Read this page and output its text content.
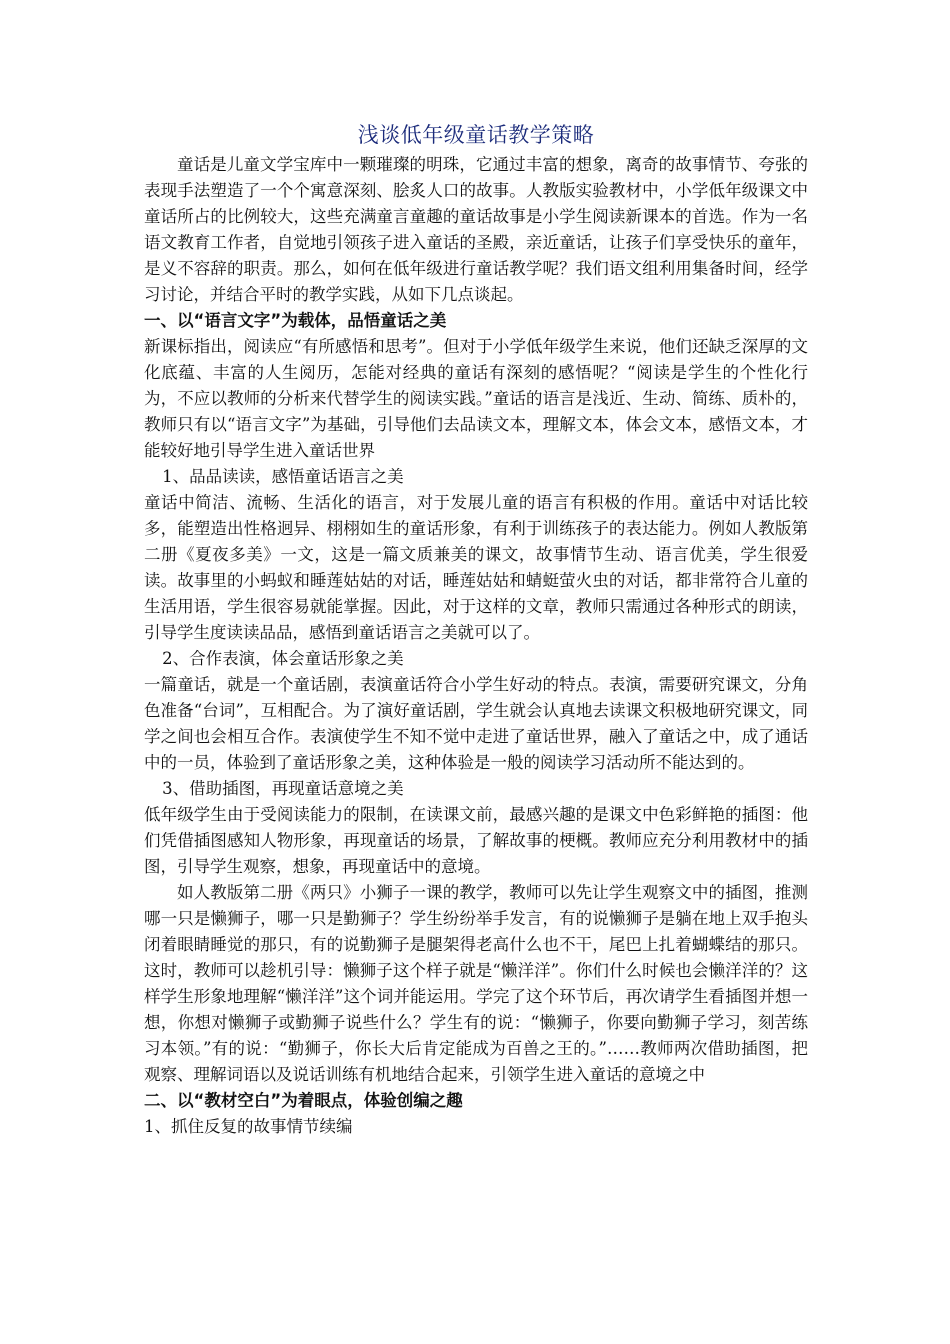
浅谈低年级童话教学策略

童话是儿童文学宝库中一颗璀璨的明珠，它通过丰富的想象，离奇的故事情节、夸张的表现手法塑造了一个个寓意深刻、脍炙人口的故事。人教版实验教材中，小学低年级课文中童话所占的比例较大，这些充满童言童趣的童话故事是小学生阅读新课本的首选。作为一名语文教育工作者，自觉地引领孩子进入童话的圣殿，亲近童话，让孩子们享受快乐的童年，是义不容辞的职责。那么，如何在低年级进行童话教学呢？我们语文组利用集备时间，经学习讨论，并结合平时的教学实践，从如下几点谈起。

一、以“语言文字”为载体，品悟童话之美

新课标指出，阅读应“有所感悟和思考”。但对于小学低年级学生来说，他们还缺乏深厚的文化底蕴、丰富的人生阅历，怎能对经典的童话有深刻的感悟呢？“阅读是学生的个性化行为，不应以教师的分析来代替学生的阅读实践。”童话的语言是浅近、生动、简练、质朴的，教师只有以“语言文字”为基础，引导他们去品读文本，理解文本，体会文本，感悟文本，才能较好地引导学生进入童话世界

1、品品读读，感悟童话语言之美

童话中简洁、流畅、生活化的语言，对于发展儿童的语言有积极的作用。童话中对话比较多，能塑造出性格迥异、栩栩如生的童话形象，有利于训练孩子的表达能力。例如人教版第二册《夏夜多美》一文，这是一篇文质兼美的课文，故事情节生动、语言优美，学生很爱读。故事里的小蚂蚁和睡莲姑姑的对话，睡莲姑姑和蜻蜓萤火虫的对话，都非常符合儿童的生活用语，学生很容易就能掌握。因此，对于这样的文章，教师只需通过各种形式的朗读，引导学生度读读品品，感悟到童话语言之美就可以了。

2、合作表演，体会童话形象之美

一篇童话，就是一个童话剧，表演童话符合小学生好动的特点。表演，需要研究课文，分角色准备“台词”，互相配合。为了演好童话剧，学生就会认真地去读课文积极地研究课文，同学之间也会相互合作。表演使学生不知不觉中走进了童话世界，融入了童话之中，成了通话中的一员，体验到了童话形象之美，这种体验是一般的阅读学习活动所不能达到的。

3、借助插图，再现童话意境之美

低年级学生由于受阅读能力的限制，在读课文前，最感兴趣的是课文中色彩鲜艳的插图：他们凭借插图感知人物形象，再现童话的场景，了解故事的梗概。教师应充分利用教材中的插图，引导学生观察，想象，再现童话中的意境。

如人教版第二册《两只》小狮子一课的教学，教师可以先让学生观察文中的插图，推测哪一只是懒狮子，哪一只是勤狮子？学生纷纷举手发言，有的说懒狮子是躺在地上双手抱头闭着眼睛睡觉的那只，有的说勤狮子是腿架得老高什么也不干，尾巴上扎着蝴蝶结的那只。这时，教师可以趁机引导：懒狮子这个样子就是“懒洋洋”。你们什么时候也会懒洋洋的？这样学生形象地理解“懒洋洋”这个词并能运用。学完了这个环节后，再次请学生看插图并想一想，你想对懒狮子或勤狮子说些什么？学生有的说：“懒狮子，你要向勤狮子学习，刻苦练习本领。”有的说：“勤狮子，你长大后肯定能成为百兽之王的。”……教师两次借助插图，把观察、理解词语以及说话训练有机地结合起来，引领学生进入童话的意境之中

二、以“教材空白”为着眼点，体验创编之趣

1、抓住反复的故事情节续编
